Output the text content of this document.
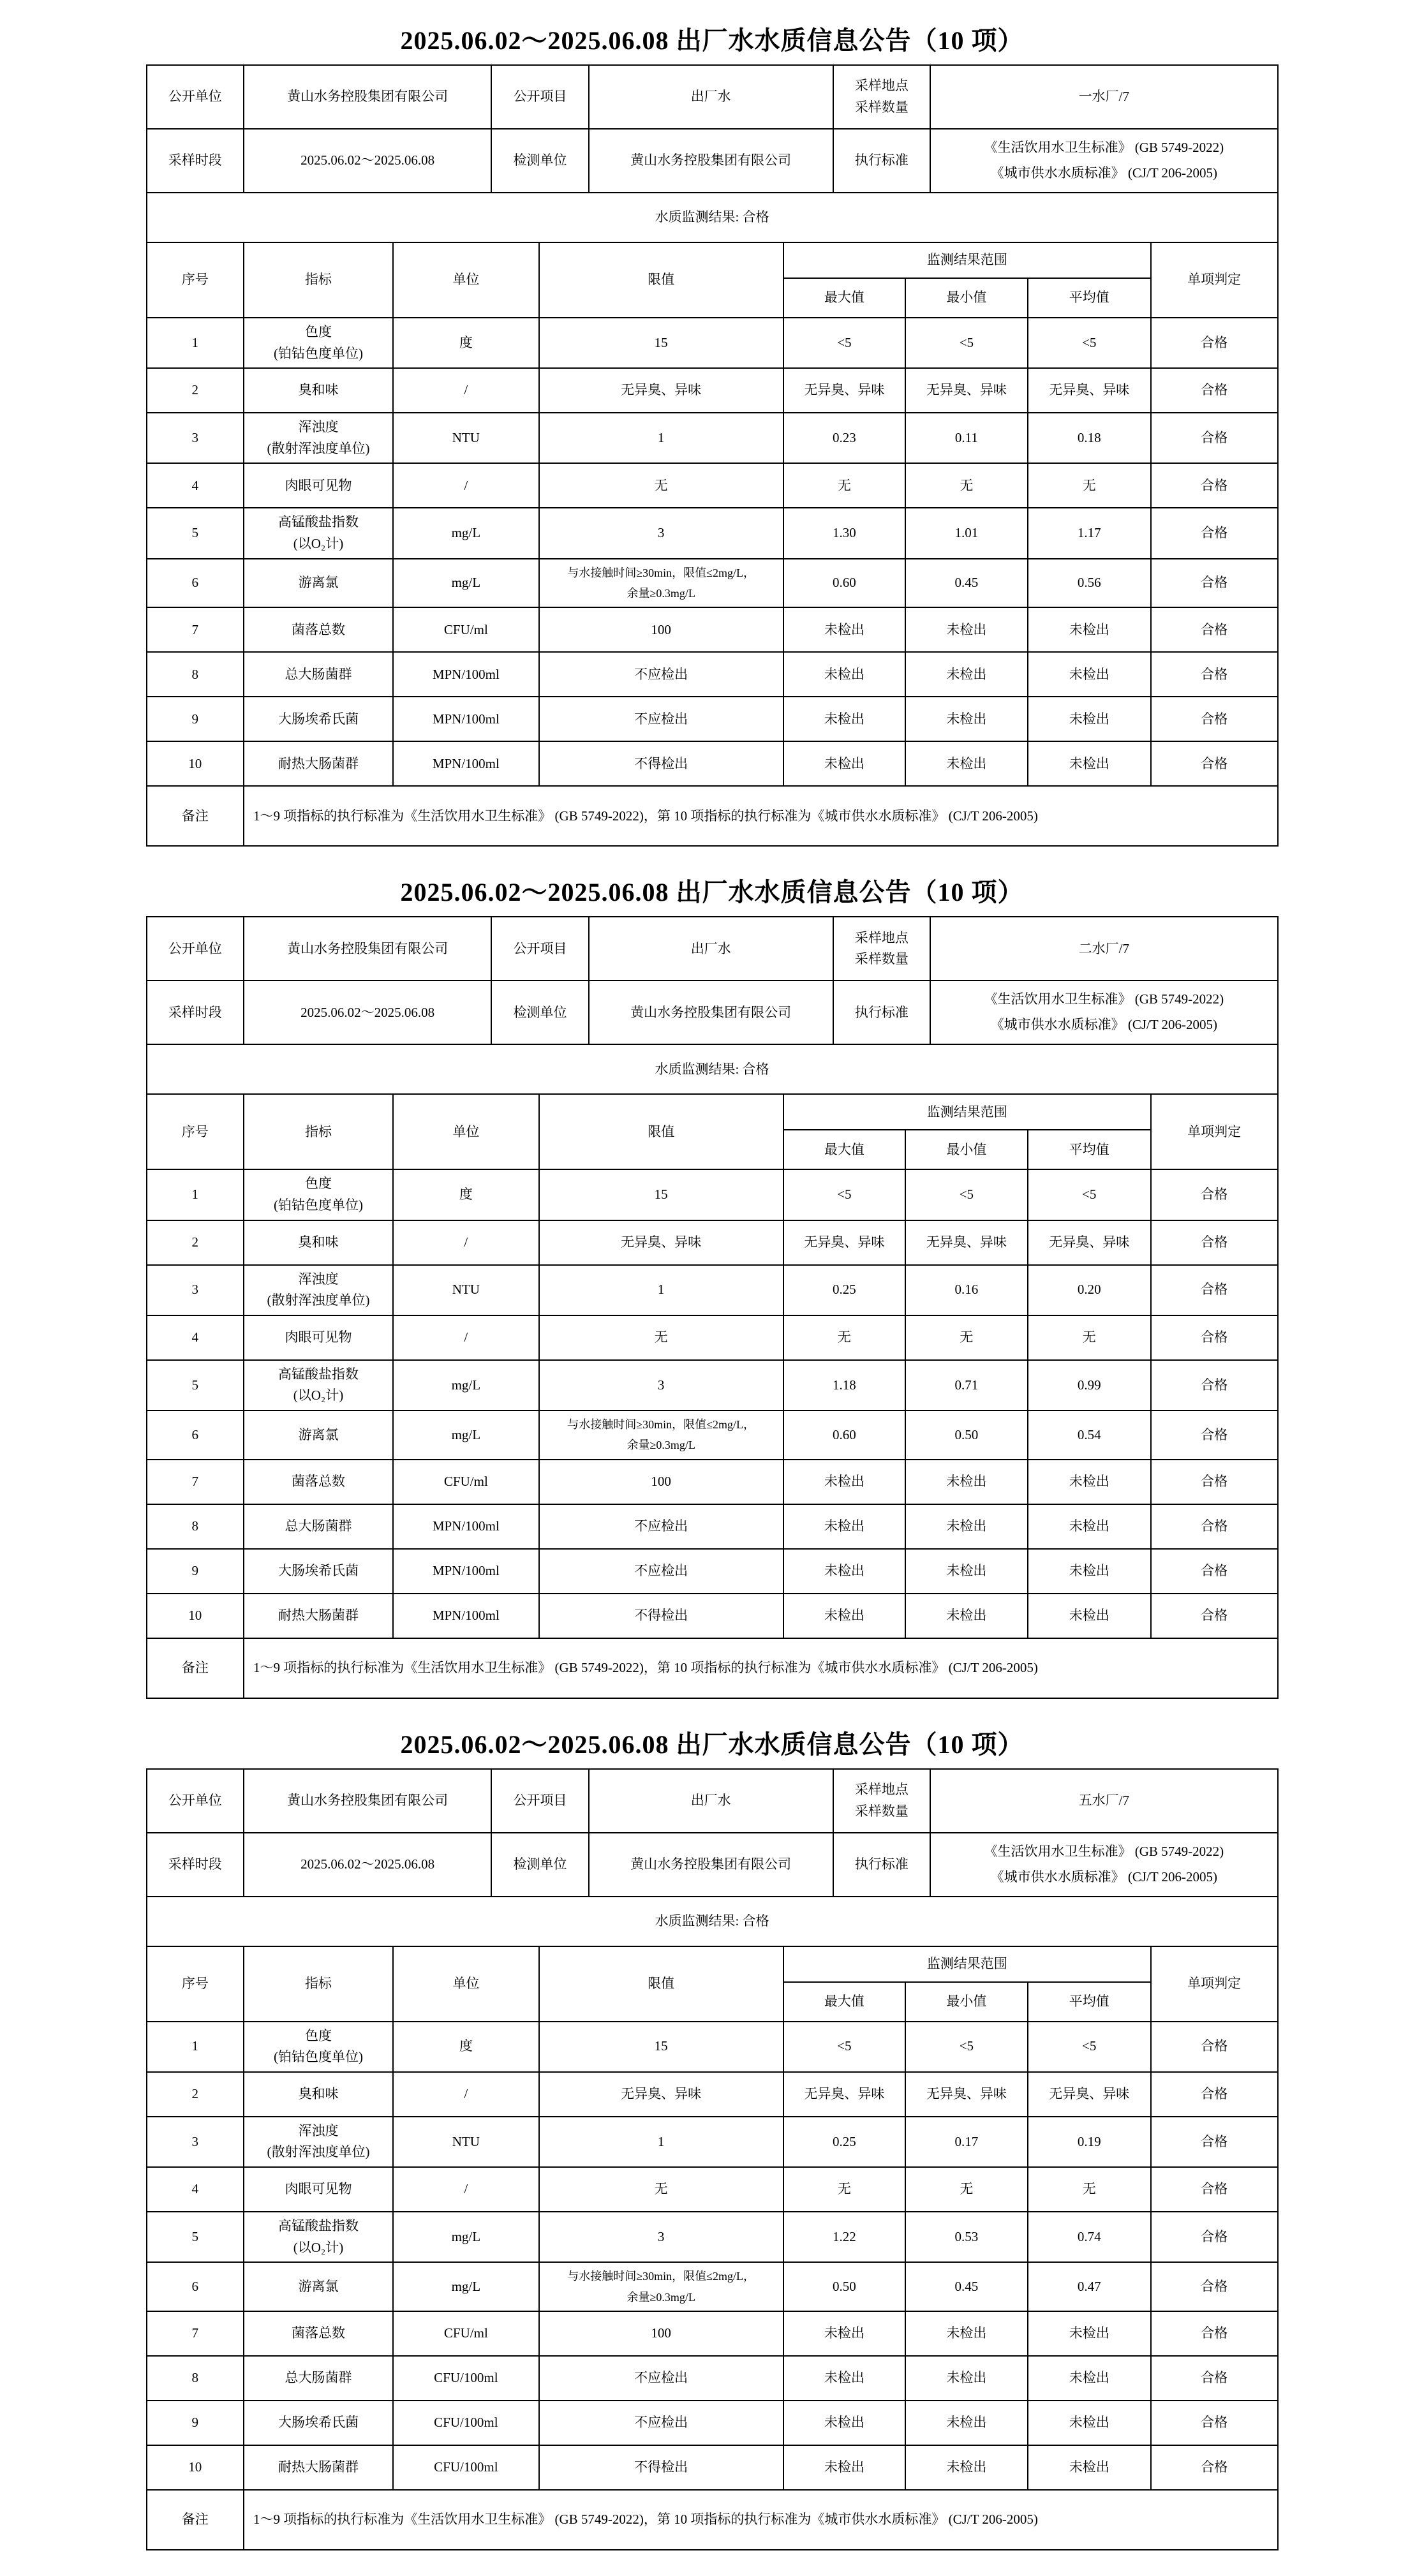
2025.06.02～2025.06.08 出厂水水质信息公告（10 项）
公开单位	黄山水务控股集团有限公司	公开项目	出厂水	采样地点
采样数量	一水厂/7
采样时段	2025.06.02～2025.06.08	检测单位	黄山水务控股集团有限公司	执行标准	《生活饮用水卫生标准》 (GB 5749-2022)
《城市供水水质标准》 (CJ/T 206-2005)

水质监测结果: 合格					
序号	指标	单位	限值	监测结果范围			单项判定
				最大值	最小值	平均值	
1	色度
(铂钴色度单位)	度	15	<5	<5	<5	合格
2	臭和味	/	无异臭、异味	无异臭、异味	无异臭、异味	无异臭、异味	合格
3	浑浊度
(散射浑浊度单位)	NTU	1	0.23	0.11	0.18	合格
4	肉眼可见物	/	无	无	无	无	合格
5	高锰酸盐指数
(以O₂计)	mg/L	3	1.30	1.01	1.17	合格
6	游离氯	mg/L	与水接触时间≥30min，限值≤2mg/L，
余量≥0.3mg/L	0.60	0.45	0.56	合格
7	菌落总数	CFU/ml	100	未检出	未检出	未检出	合格
8	总大肠菌群	MPN/100ml	不应检出	未检出	未检出	未检出	合格
9	大肠埃希氏菌	MPN/100ml	不应检出	未检出	未检出	未检出	合格
10	耐热大肠菌群	MPN/100ml	不得检出	未检出	未检出	未检出	合格
备注	1～9 项指标的执行标准为《生活饮用水卫生标准》 (GB 5749-2022)，第 10 项指标的执行标准为《城市供水水质标准》 (CJ/T 206-2005)						
2025.06.02～2025.06.08 出厂水水质信息公告（10 项）
公开单位	黄山水务控股集团有限公司	公开项目	出厂水	采样地点
采样数量	二水厂/7
采样时段	2025.06.02～2025.06.08	检测单位	黄山水务控股集团有限公司	执行标准	《生活饮用水卫生标准》 (GB 5749-2022)
《城市供水水质标准》 (CJ/T 206-2005)

水质监测结果: 合格					
序号	指标	单位	限值	监测结果范围			单项判定
				最大值	最小值	平均值	
1	色度
(铂钴色度单位)	度	15	<5	<5	<5	合格
2	臭和味	/	无异臭、异味	无异臭、异味	无异臭、异味	无异臭、异味	合格
3	浑浊度
(散射浑浊度单位)	NTU	1	0.25	0.16	0.20	合格
4	肉眼可见物	/	无	无	无	无	合格
5	高锰酸盐指数
(以O₂计)	mg/L	3	1.18	0.71	0.99	合格
6	游离氯	mg/L	与水接触时间≥30min，限值≤2mg/L，
余量≥0.3mg/L	0.60	0.50	0.54	合格
7	菌落总数	CFU/ml	100	未检出	未检出	未检出	合格
8	总大肠菌群	MPN/100ml	不应检出	未检出	未检出	未检出	合格
9	大肠埃希氏菌	MPN/100ml	不应检出	未检出	未检出	未检出	合格
10	耐热大肠菌群	MPN/100ml	不得检出	未检出	未检出	未检出	合格
备注	1～9 项指标的执行标准为《生活饮用水卫生标准》 (GB 5749-2022)，第 10 项指标的执行标准为《城市供水水质标准》 (CJ/T 206-2005)						
2025.06.02～2025.06.08 出厂水水质信息公告（10 项）
公开单位	黄山水务控股集团有限公司	公开项目	出厂水	采样地点
采样数量	五水厂/7
采样时段	2025.06.02～2025.06.08	检测单位	黄山水务控股集团有限公司	执行标准	《生活饮用水卫生标准》 (GB 5749-2022)
《城市供水水质标准》 (CJ/T 206-2005)

水质监测结果: 合格					
序号	指标	单位	限值	监测结果范围			单项判定
				最大值	最小值	平均值	
1	色度
(铂钴色度单位)	度	15	<5	<5	<5	合格
2	臭和味	/	无异臭、异味	无异臭、异味	无异臭、异味	无异臭、异味	合格
3	浑浊度
(散射浑浊度单位)	NTU	1	0.25	0.17	0.19	合格
4	肉眼可见物	/	无	无	无	无	合格
5	高锰酸盐指数
(以O₂计)	mg/L	3	1.22	0.53	0.74	合格
6	游离氯	mg/L	与水接触时间≥30min，限值≤2mg/L，
余量≥0.3mg/L	0.50	0.45	0.47	合格
7	菌落总数	CFU/ml	100	未检出	未检出	未检出	合格
8	总大肠菌群	CFU/100ml	不应检出	未检出	未检出	未检出	合格
9	大肠埃希氏菌	CFU/100ml	不应检出	未检出	未检出	未检出	合格
10	耐热大肠菌群	CFU/100ml	不得检出	未检出	未检出	未检出	合格
备注	1～9 项指标的执行标准为《生活饮用水卫生标准》 (GB 5749-2022)，第 10 项指标的执行标准为《城市供水水质标准》 (CJ/T 206-2005)						
